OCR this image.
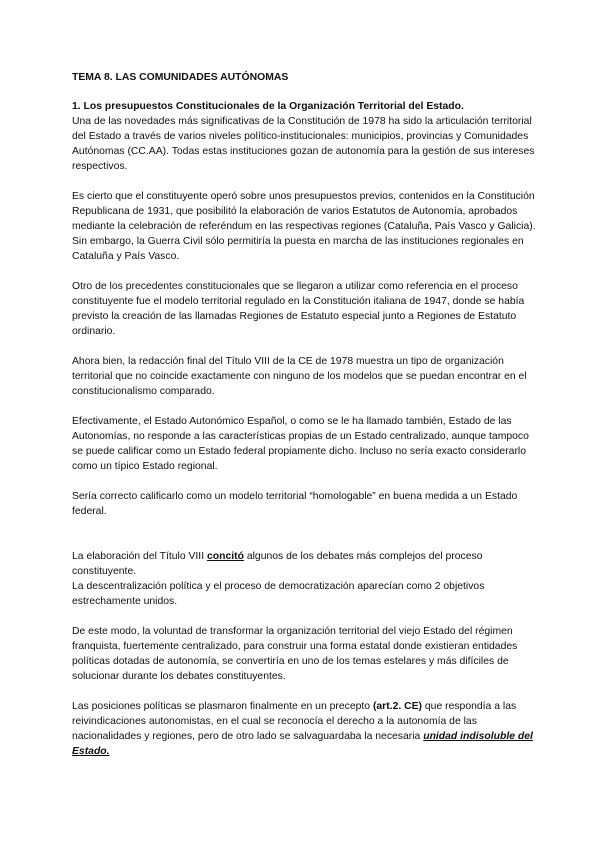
TEMA 8. LAS COMUNIDADES AUTÓNOMAS
1. Los presupuestos Constitucionales de la Organización Territorial del Estado.

Una de las novedades más significativas de la Constitución de 1978 ha sido la articulación territorial del Estado a través de varios niveles político-institucionales: municipios, provincias y Comunidades Autónomas (CC.AA). Todas estas instituciones gozan de autonomía para la gestión de sus intereses respectivos.

Es cierto que el constituyente operó sobre unos presupuestos previos, contenidos en la Constitución Republicana de 1931, que posibilitó la elaboración de varios Estatutos de Autonomía, aprobados mediante la celebración de referéndum en las respectivas regiones (Cataluña, País Vasco y Galicia).
Sin embargo, la Guerra Civil sólo permitiría la puesta en marcha de las instituciones regionales en Cataluña y País Vasco.

Otro de los precedentes constitucionales que se llegaron a utilizar como referencia en el proceso constituyente fue el modelo territorial regulado en la Constitución italiana de 1947, donde se había previsto la creación de las llamadas Regiones de Estatuto especial junto a Regiones de Estatuto ordinario.

Ahora bien, la redacción final del Título VIII de la CE de 1978 muestra un tipo de organización territorial que no coincide exactamente con ninguno de los modelos que se puedan encontrar en el constitucionalismo comparado.

Efectivamente, el Estado Autonómico Español, o como se le ha llamado también, Estado de las Autonomías, no responde a las características propias de un Estado centralizado, aunque tampoco se puede calificar como un Estado federal propiamente dicho. Incluso no sería exacto considerarlo como un típico Estado regional.

Sería correcto calificarlo como un modelo territorial “homologable” en buena medida a un Estado federal.

La elaboración del Título VIII concitó algunos de los debates más complejos del proceso constituyente.
La descentralización política y el proceso de democratización aparecían como 2 objetivos estrechamente unidos.

De este modo, la voluntad de transformar la organización territorial del viejo Estado del régimen franquista, fuertemente centralizado, para construir una forma estatal donde existieran entidades políticas dotadas de autonomía, se convertiría en uno de los temas estelares y más difíciles de solucionar durante los debates constituyentes.

Las posiciones políticas se plasmaron finalmente en un precepto (art.2. CE) que respondía a las reivindicaciones autonomistas, en el cual se reconocía el derecho a la autonomía de las nacionalidades y regiones, pero de otro lado se salvaguardaba la necesaria unidad indisoluble del Estado.
